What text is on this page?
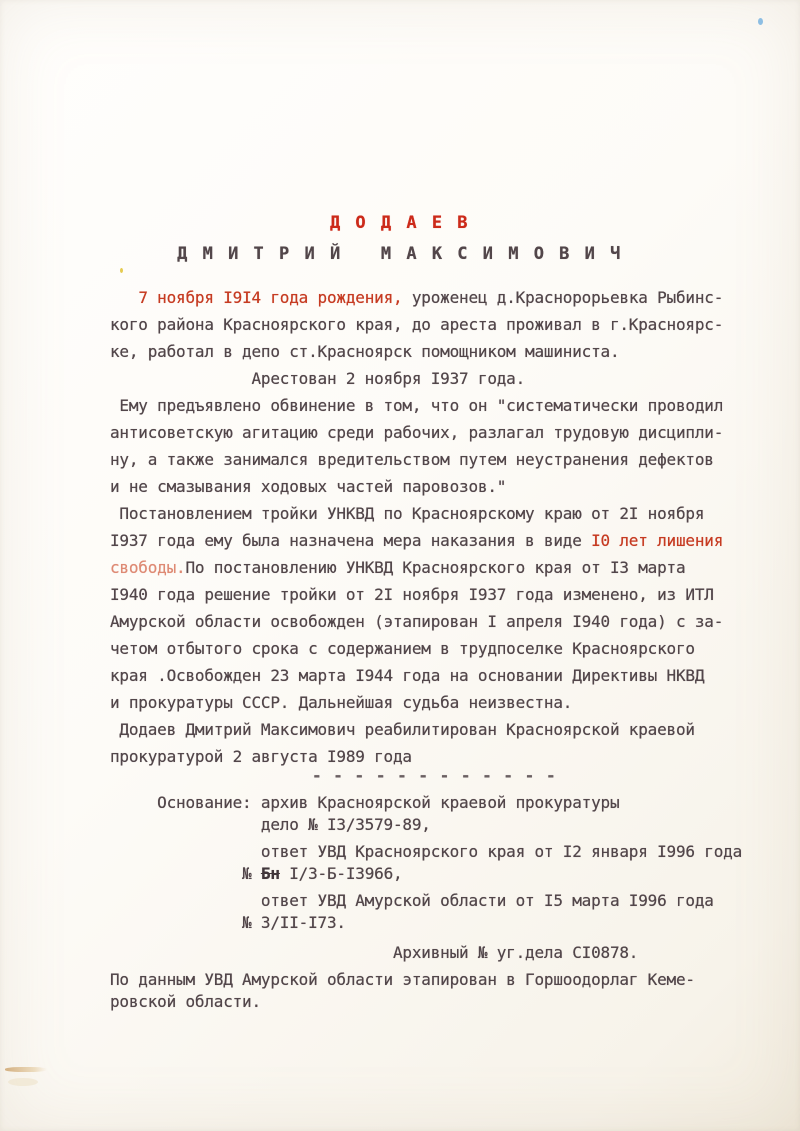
Д О Д А Е В
Д М И Т Р И Й   М А К С И М О В И Ч
7 ноября I9I4 года рождения, уроженец д.Краснорорьевка Рыбинс-
кого района Красноярского края, до ареста проживал в г.Красноярс-
ке, работал в депо ст.Красноярск помощником машиниста.
Арестован 2 ноября I937 года.
Ему предъявлено обвинение в том, что он "систематически проводил
антисоветскую агитацию среди рабочих, разлагал трудовую дисципли-
ну, а также занимался вредительством путем неустранения дефектов
и не смазывания ходовых частей паровозов."
Постановлением тройки УНКВД по Красноярскому краю от 2I ноября
I937 года ему была назначена мера наказания в виде I0 лет лишения
свободы.По постановлению УНКВД Красноярского края от I3 марта
I940 года решение тройки от 2I ноября I937 года изменено, из ИТЛ
Амурской области освобожден (этапирован I апреля I940 года) с за-
четом отбытого срока с содержанием в трудпоселке Красноярского
края .Освобожден 23 марта I944 года на основании Директивы НКВД
и прокуратуры СССР. Дальнейшая судьба неизвестна.
Додаев Дмитрий Максимович реабилитирован Красноярской краевой
прокуратурой 2 августа I989 года
- - - - - - - - - - - -
Основание: архив Красноярской краевой прокуратуры
дело № I3/3579-89,
ответ УВД Красноярского края от I2 января I996 года
№ Бн I/3-Б-I3966,
ответ УВД Амурской области от I5 марта I996 года
№ 3/II-I73.
Архивный № уг.дела СI0878.
По данным УВД Амурской области этапирован в Горшоодорлаг Кеме-
ровской области.
